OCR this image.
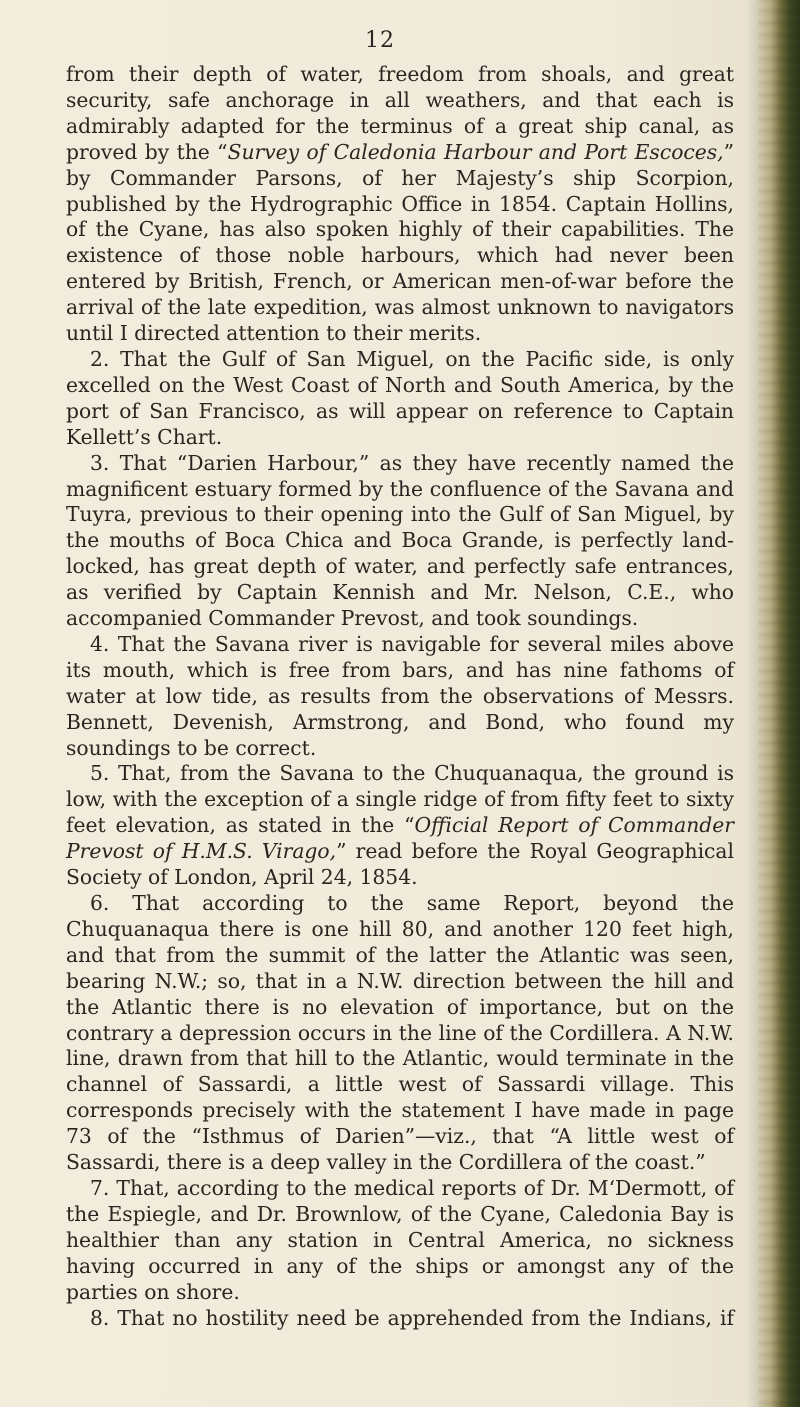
12

from their depth of water, freedom from shoals, and great security, safe anchorage in all weathers, and that each is admirably adapted for the terminus of a great ship canal, as proved by the “Survey of Caledonia Harbour and Port Escoces,” by Commander Parsons, of her Majesty’s ship Scorpion, published by the Hydrographic Office in 1854. Captain Hollins, of the Cyane, has also spoken highly of their capabilities. The existence of those noble harbours, which had never been entered by British, French, or American men-of-war before the arrival of the late expedition, was almost unknown to navigators until I directed attention to their merits.

2. That the Gulf of San Miguel, on the Pacific side, is only excelled on the West Coast of North and South America, by the port of San Francisco, as will appear on reference to Captain Kellett’s Chart.

3. That “Darien Harbour,” as they have recently named the magnificent estuary formed by the confluence of the Savana and Tuyra, previous to their opening into the Gulf of San Miguel, by the mouths of Boca Chica and Boca Grande, is perfectly land-locked, has great depth of water, and perfectly safe entrances, as verified by Captain Kennish and Mr. Nelson, C.E., who accompanied Commander Prevost, and took soundings.

4. That the Savana river is navigable for several miles above its mouth, which is free from bars, and has nine fathoms of water at low tide, as results from the observations of Messrs. Bennett, Devenish, Armstrong, and Bond, who found my soundings to be correct.

5. That, from the Savana to the Chuquanaqua, the ground is low, with the exception of a single ridge of from fifty feet to sixty feet elevation, as stated in the “Official Report of Commander Prevost of H.M.S. Virago,” read before the Royal Geographical Society of London, April 24, 1854.

6. That according to the same Report, beyond the Chuquanaqua there is one hill 80, and another 120 feet high, and that from the summit of the latter the Atlantic was seen, bearing N.W.; so, that in a N.W. direction between the hill and the Atlantic there is no elevation of importance, but on the contrary a depression occurs in the line of the Cordillera. A N.W. line, drawn from that hill to the Atlantic, would terminate in the channel of Sassardi, a little west of Sassardi village. This corresponds precisely with the statement I have made in page 73 of the “Isthmus of Darien”—viz., that “A little west of Sassardi, there is a deep valley in the Cordillera of the coast.”

7. That, according to the medical reports of Dr. M‘Dermott, of the Espiegle, and Dr. Brownlow, of the Cyane, Caledonia Bay is healthier than any station in Central America, no sickness having occurred in any of the ships or amongst any of the parties on shore.

8. That no hostility need be apprehended from the Indians, if
